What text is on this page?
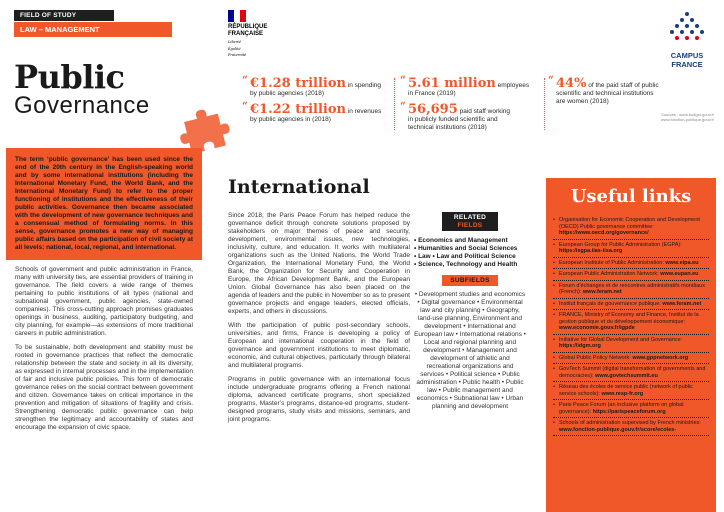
FIELD OF STUDY
LAW – MANAGEMENT
Public
Governance
RÉPUBLIQUE
FRANÇAISE
Liberté
Égalité
Fraternité	CAMPUS
FRANCE
“ €1.28 trillion in spending
by public agencies (2018)
“ €1.22 trillion in revenues
by public agencies in (2018)
“ 5.61 million employees
in France (2019)
“ 56,695 paid staff working
in publicly funded scientific and
technical institutions (2018)
“ 44% of the paid staff of public
scientific and technical institutions
are women (2018)
Sources : www.budget.gouv.fr
www.fonction-publique.gouv.fr
The term ‘public governance’ has been used since the end of the 20th century in the English-speaking world and by some international institutions (including the International Monetary Fund, the World Bank, and the International Monetary Fund) to refer to the proper functioning of institutions and the effectiveness of their public activities. Governance then became associated with the development of new governance techniques and a consensual method of formulating norms. In this sense, governance promotes a new way of managing public affairs based on the participation of civil society at all levels: national, local, regional, and international.

Schools of government and public administration in France, many with university ties, are essential providers of training in governance. The field covers a wide range of themes pertaining to public institutions of all types (national and subnational government, public agencies, state-owned companies). This cross-cutting approach promises graduates openings in business, auditing, participatory budgeting, and city planning, for example—as extensions of more traditional careers in public administration.

To be sustainable, both development and stability must be rooted in governance practices that reflect the democratic relationship between the state and society in all its diversity, as expressed in internal processes and in the implementation of fair and inclusive public policies. This form of democratic governance relies on the social contract between government and citizen. Governance takes on critical importance in the prevention and mitigation of situations of fragility and crisis. Strengthening democratic public governance can help strengthen the legitimacy and accountability of states and encourage the expansion of civic space.

International

Since 2018, the Paris Peace Forum has helped reduce the governance deficit through concrete solutions proposed by stakeholders on major themes of peace and security, development, environmental issues, new technologies, inclusivity, culture, and education. It works with multilateral organizations such as the United Nations, the World Trade Organization, the International Monetary Fund, the World Bank, the Organization for Security and Cooperation in Europe, the African Development Bank, and the European Union. Global Governance has also been placed on the agenda of leaders and the public in November so as to present governance projects and engage leaders, elected officials, experts, and others in discussions.

With the participation of public post-secondary schools, universities, and firms, France is developing a policy of European and international cooperation in the field of governance and government institutions to meet diplomatic, economic, and cultural objectives, particularly through bilateral and multilateral programs.

Programs in public governance with an international focus include undergraduate programs offering a French national diploma, advanced certificate programs, short specialized programs, Master’s programs, distance-ed programs, student-designed programs, study visits and missions, seminars, and joint programs.

RELATED
FIELDS
• Economics and Management
• Humanities and Social Sciences
• Law • Law and Political Science
• Science, Technology and Health
SUBFIELDS
• Development studies and economics • Digital governance • Environmental law and city planning • Geography, land-use planning, Environment and development • International and European law • International relations • Local and regional planning and development • Management and development of athletic and recreational organizations and services • Political science • Public administration • Public health • Public law • Public management and economics • Subnational law • Urban planning and development
Useful links
• Organisation for Economic Cooperation and Development (OECD) Public governance committee: https://www.oecd.org/governance/
• European Group for Public Administration (EGPA): https://egpa.iias-iisa.org
• European Institute of Public Administration: www.eipa.eu
• European Public Administration Network: www.eupan.eu
• Forum d'échanges et de rencontres administratifs mondiaux (French): www.feram.net
• Institut français de gouvernance publique: www.feram.net
• FRANCE, Ministry of Economy and Finance, Institut de la gestion publique et du développement économique: www.economie.gouv.fr/igpde
• Initiative for Global Development and Governance: https://idgm.org
• Global Public Policy Network: www.gppnetwork.org
• GovTech Summit (digital transformation of governments and democracies): www.govtechsummit.eu
• Réseau des écoles de service public (network of public service schools): www.resp-fr.org
• Paris Peace Forum (an inclusive platform on global governance): https://parispeaceforum.org
• Schools of administration supervised by French ministries: www.fonction-publique.gouv.fr/score/ecoles-
